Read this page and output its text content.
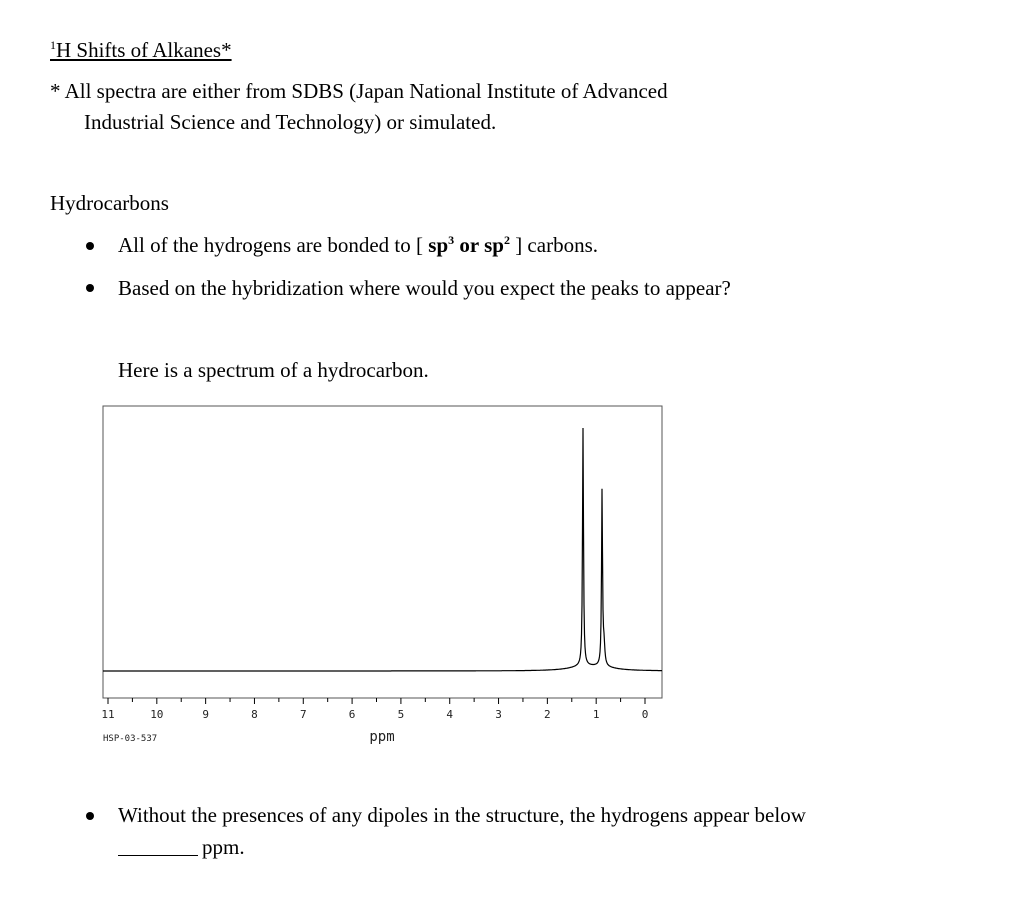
$^1$H Shifts of Alkanes*
* All spectra are either from SDBS (Japan National Institute of Advanced
Industrial Science and Technology) or simulated.
Hydrocarbons
All of the hydrogens are bonded to [ $sp^3$ or $sp^2$ ] carbons.
Based on the hybridization where would you expect the peaks to appear?
Here is a spectrum of a hydrocarbon.
11	10	9	8	7	6	5	4	3	2	1	0
HSP-03-537	ppm
Without the presences of any dipoles in the structure, the hydrogens appear below
ppm.
